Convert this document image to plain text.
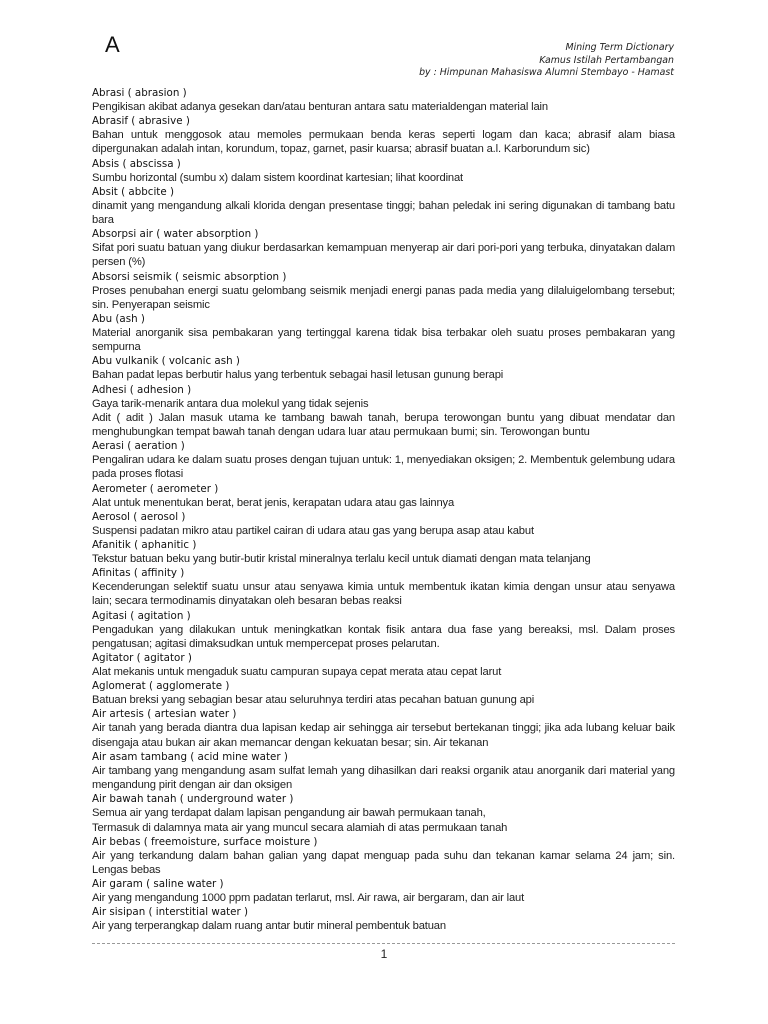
A	Mining Term Dictionary
Kamus Istilah Pertambangan
by : Himpunan Mahasiswa Alumni Stembayo - Hamast
Abrasi ( abrasion )
Pengikisan akibat adanya gesekan dan/atau benturan antara satu materialdengan material lain
Abrasif ( abrasive )
Bahan untuk menggosok atau memoles permukaan benda keras seperti logam dan kaca; abrasif alam biasa dipergunakan adalah intan, korundum, topaz, garnet, pasir kuarsa; abrasif buatan a.l. Karborundum sic)
Absis ( abscissa )
Sumbu horizontal (sumbu x) dalam sistem koordinat kartesian; lihat koordinat
Absit ( abbcite )
dinamit yang mengandung alkali klorida dengan presentase tinggi; bahan peledak ini sering digunakan di tambang batu bara
Absorpsi air ( water absorption )
Sifat pori suatu batuan yang diukur berdasarkan kemampuan menyerap air dari pori-pori yang terbuka, dinyatakan dalam persen (%)
Absorsi seismik ( seismic absorption )
Proses penubahan energi suatu gelombang seismik menjadi energi panas pada media yang dilaluigelombang tersebut; sin. Penyerapan seismic
Abu (ash )
Material anorganik sisa pembakaran yang tertinggal karena tidak bisa terbakar oleh suatu proses pembakaran yang sempurna
Abu vulkanik ( volcanic ash )
Bahan padat lepas berbutir halus yang terbentuk sebagai hasil letusan gunung berapi
Adhesi ( adhesion )
Gaya tarik-menarik antara dua molekul yang tidak sejenis
Adit ( adit ) Jalan masuk utama ke tambang bawah tanah, berupa terowongan buntu yang dibuat mendatar dan menghubungkan tempat bawah tanah dengan udara luar atau permukaan bumi; sin. Terowongan buntu
Aerasi ( aeration )
Pengaliran udara ke dalam suatu proses dengan tujuan untuk: 1, menyediakan oksigen; 2. Membentuk gelembung udara pada proses flotasi
Aerometer ( aerometer )
Alat untuk menentukan berat, berat jenis, kerapatan udara atau gas lainnya
Aerosol ( aerosol )
Suspensi padatan mikro atau partikel cairan di udara atau gas yang berupa asap atau kabut
Afanitik ( aphanitic )
Tekstur batuan beku yang butir-butir kristal mineralnya terlalu kecil untuk diamati dengan mata telanjang
Afinitas ( affinity )
Kecenderungan selektif suatu unsur atau senyawa kimia untuk membentuk ikatan kimia dengan unsur atau senyawa lain; secara termodinamis dinyatakan oleh besaran bebas reaksi
Agitasi ( agitation )
Pengadukan yang dilakukan untuk meningkatkan kontak fisik antara dua fase yang bereaksi, msl. Dalam proses pengatusan; agitasi dimaksudkan untuk mempercepat proses pelarutan.
Agitator ( agitator )
Alat mekanis untuk mengaduk suatu campuran supaya cepat merata atau cepat larut
Aglomerat ( agglomerate )
Batuan breksi yang sebagian besar atau seluruhnya terdiri atas pecahan batuan gunung api
Air artesis ( artesian water )
Air tanah yang berada diantra dua lapisan kedap air sehingga air tersebut bertekanan tinggi; jika ada lubang keluar baik disengaja atau bukan air akan memancar dengan kekuatan besar; sin. Air tekanan
Air asam tambang ( acid mine water )
Air tambang yang mengandung asam sulfat lemah yang dihasilkan dari reaksi organik atau anorganik dari material yang mengandung pirit dengan air dan oksigen
Air bawah tanah ( underground water )
Semua air yang terdapat dalam lapisan pengandung air bawah permukaan tanah,
Termasuk di dalamnya mata air yang muncul secara alamiah di atas permukaan tanah
Air bebas ( freemoisture, surface moisture )
Air yang terkandung dalam bahan galian yang dapat menguap pada suhu dan tekanan kamar selama 24 jam; sin. Lengas bebas
Air garam ( saline water )
Air yang mengandung 1000 ppm padatan terlarut, msl. Air rawa, air bergaram, dan air laut
Air sisipan ( interstitial water )
Air yang terperangkap dalam ruang antar butir mineral pembentuk batuan
1
